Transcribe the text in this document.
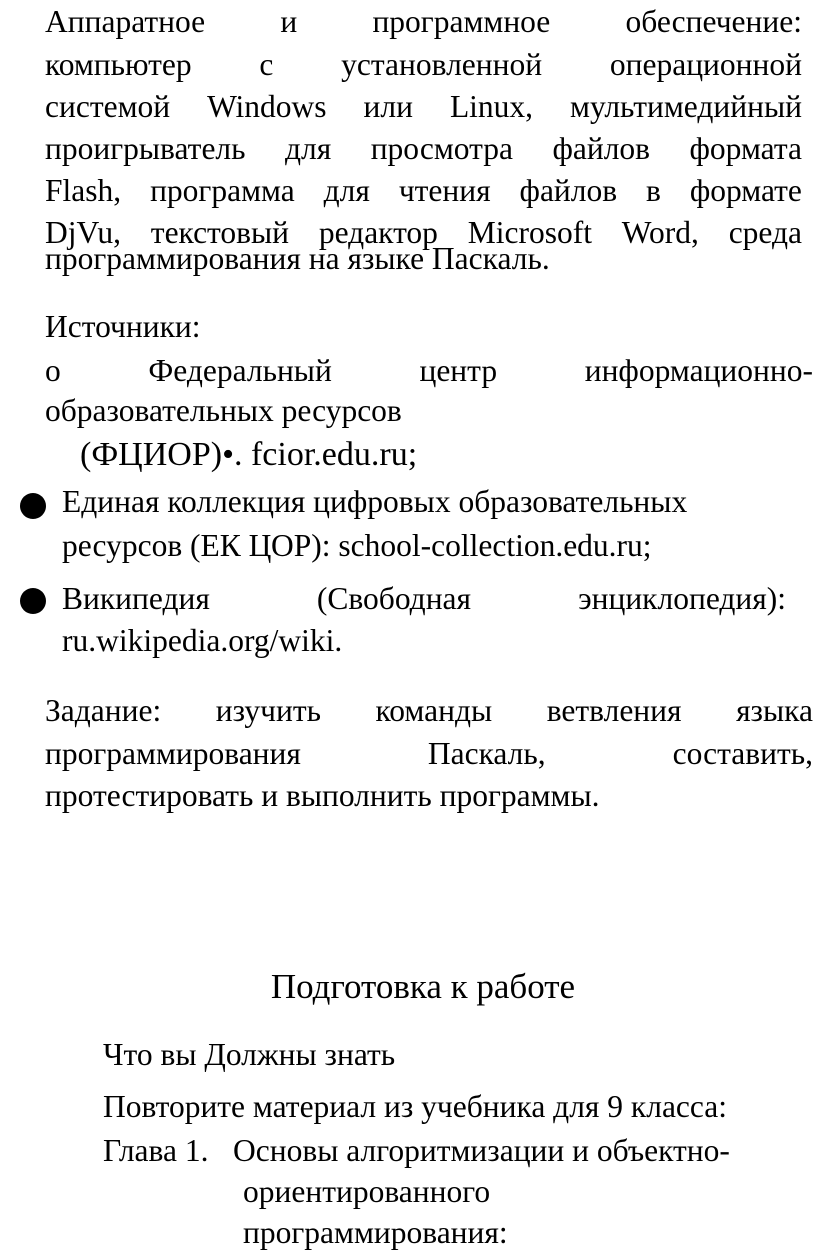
Аппаратное и программное обеспечение:
компьютер с установленной операционной
системой Windows или Linux, мультимедийный
проигрыватель для просмотра файлов формата
Flash, программа для чтения файлов в формате
DjVu, текстовый редактор Microsoft Word, среда
программирования на языке Паскаль.
Источники:
o	Федеральный	центр	информационно-
образовательных ресурсов
(ФЦИОР)•. fcior.edu.ru;
Единая коллекция цифровых образовательных
ресурсов (ЕК ЦОР): school-collection.edu.ru;
Википедия	(Свободная	энциклопедия):
ru.wikipedia.org/wiki.
Задание: изучить команды ветвления языка
программирования	Паскаль,	составить,
протестировать и выполнить программы.
Подготовка к работе
Что вы Должны знать
Повторите материал из учебника для 9 класса:
Глава 1. Основы алгоритмизации и объектно-
ориентированного
программирования:
